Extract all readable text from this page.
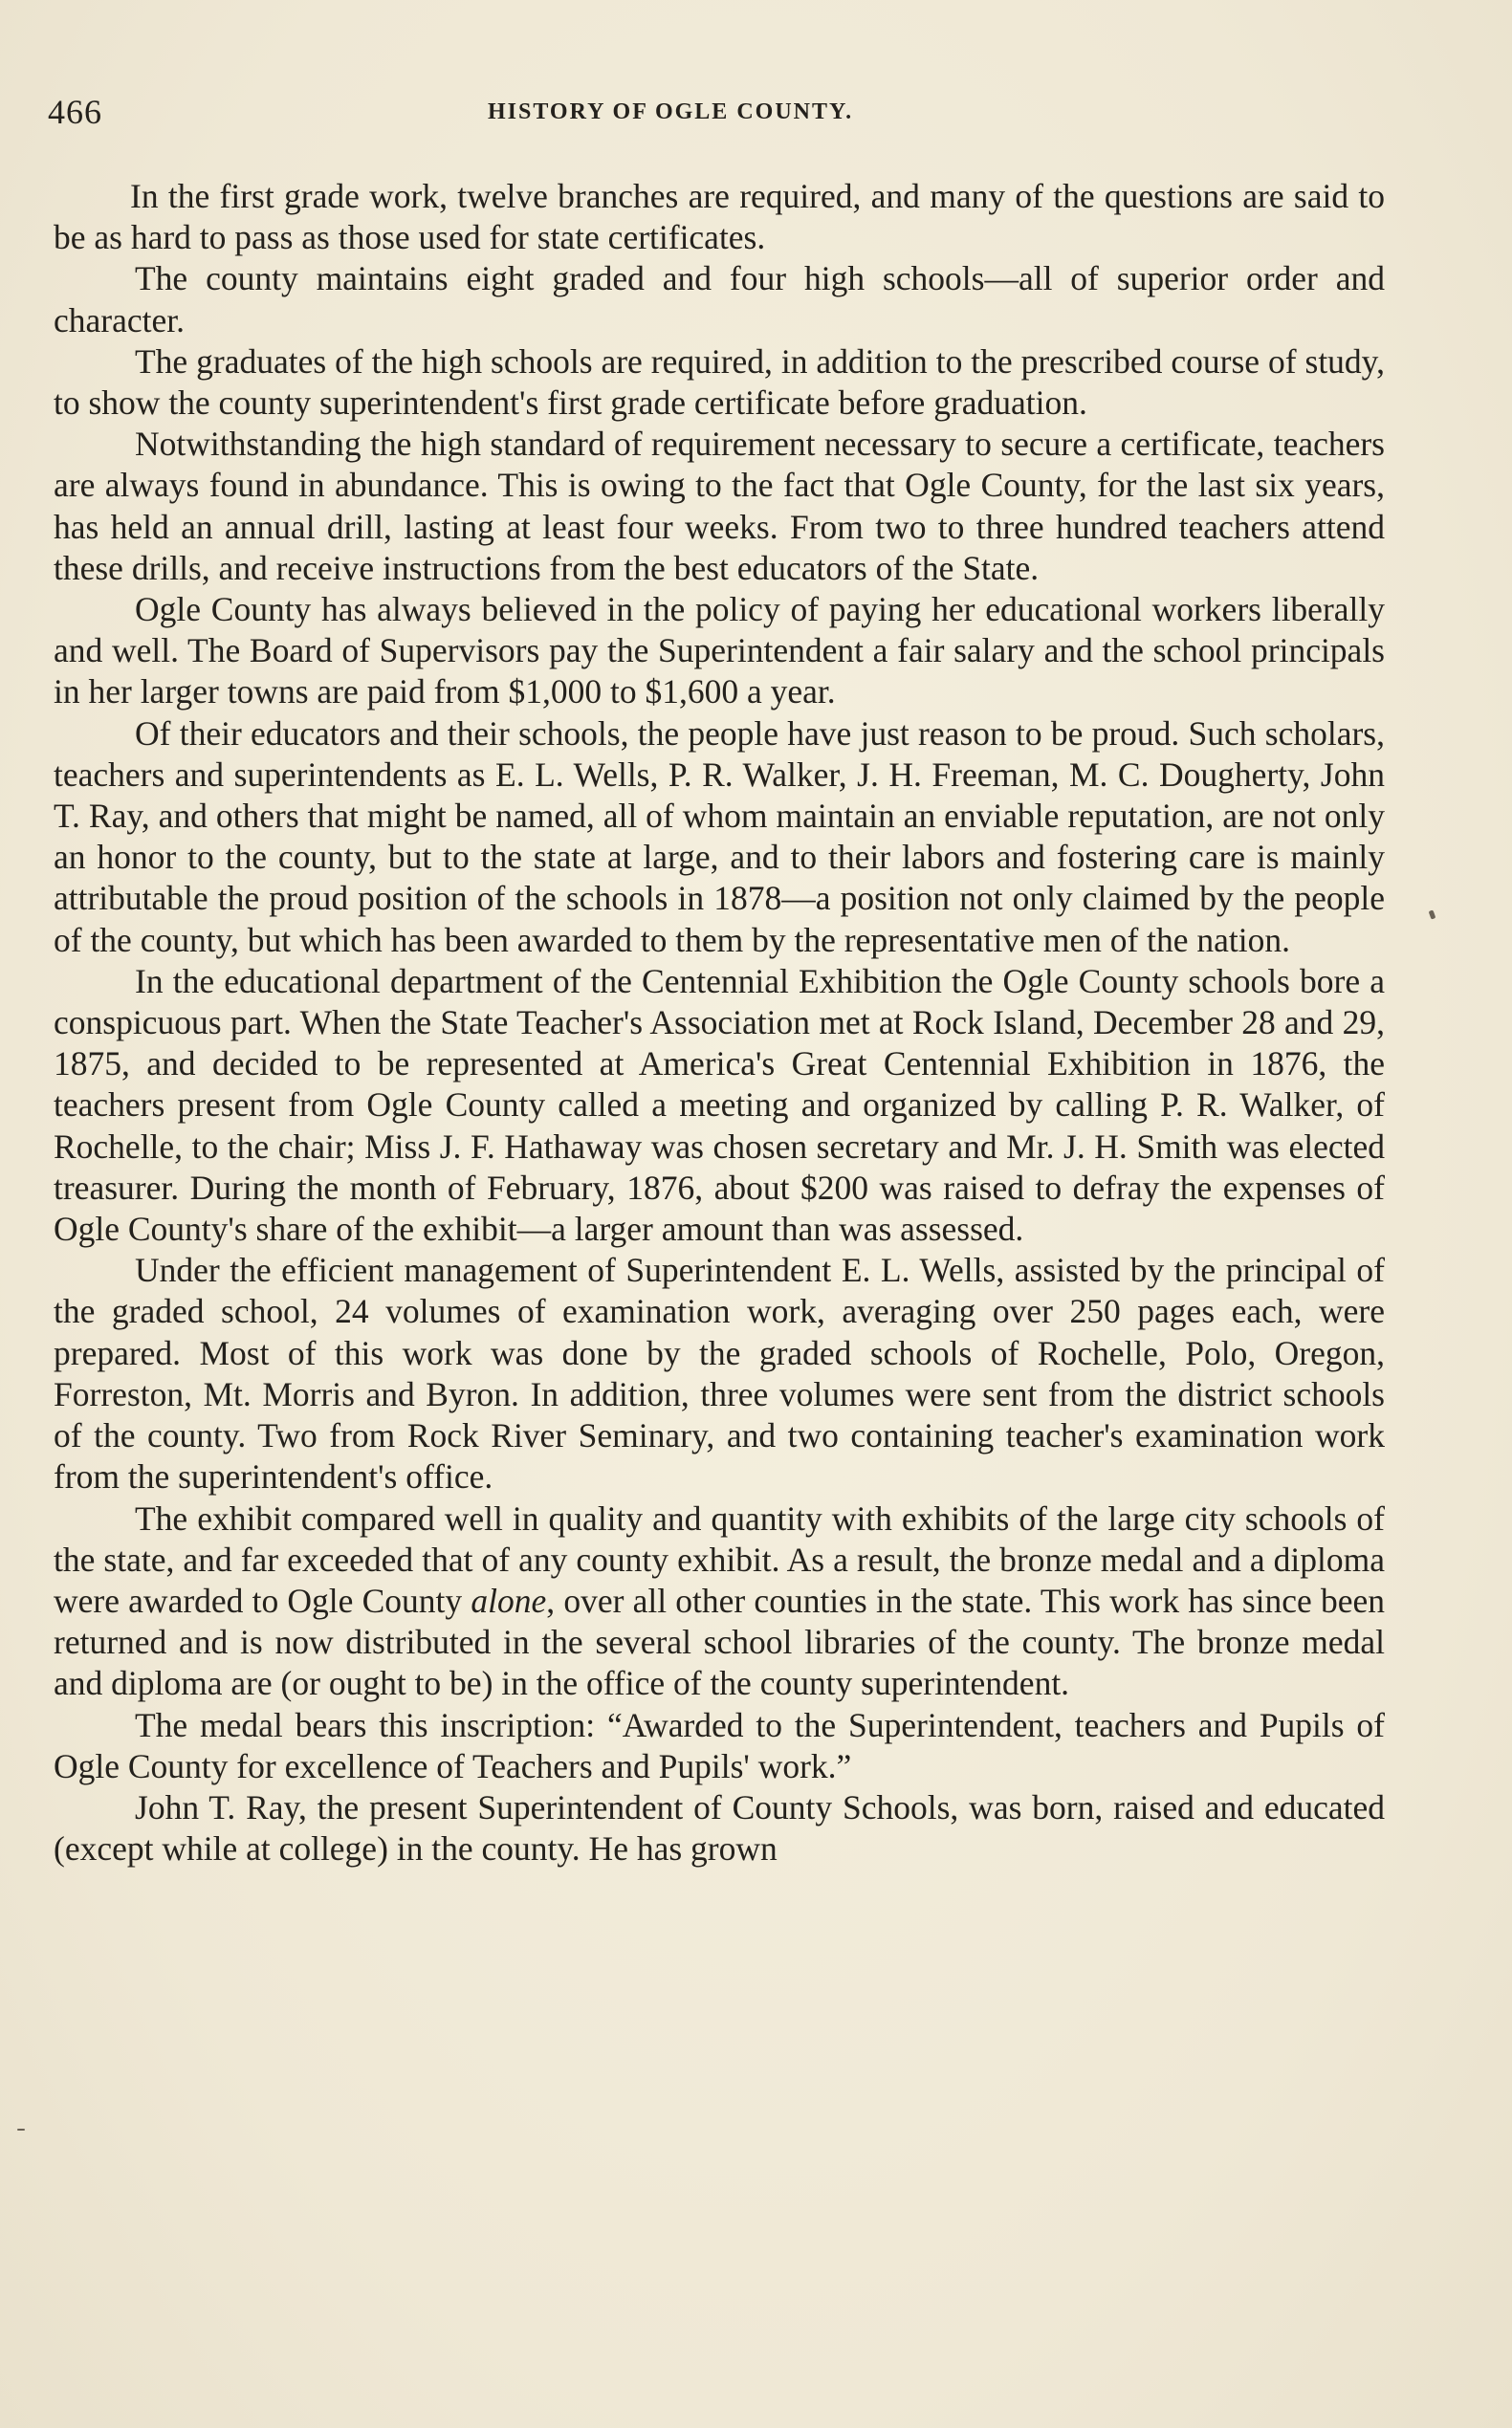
466	HISTORY OF OGLE COUNTY.

In the first grade work, twelve branches are required, and many of the questions are said to be as hard to pass as those used for state certificates.

The county maintains eight graded and four high schools—all of superior order and character.

The graduates of the high schools are required, in addition to the prescribed course of study, to show the county superintendent's first grade certificate before graduation.

Notwithstanding the high standard of requirement necessary to secure a certificate, teachers are always found in abundance. This is owing to the fact that Ogle County, for the last six years, has held an annual drill, lasting at least four weeks. From two to three hundred teachers attend these drills, and receive instructions from the best educators of the State.

Ogle County has always believed in the policy of paying her educational workers liberally and well. The Board of Supervisors pay the Superintendent a fair salary and the school principals in her larger towns are paid from $1,000 to $1,600 a year.

Of their educators and their schools, the people have just reason to be proud. Such scholars, teachers and superintendents as E. L. Wells, P. R. Walker, J. H. Freeman, M. C. Dougherty, John T. Ray, and others that might be named, all of whom maintain an enviable reputation, are not only an honor to the county, but to the state at large, and to their labors and fostering care is mainly attributable the proud position of the schools in 1878—a position not only claimed by the people of the county, but which has been awarded to them by the representative men of the nation.

In the educational department of the Centennial Exhibition the Ogle County schools bore a conspicuous part. When the State Teacher's Association met at Rock Island, December 28 and 29, 1875, and decided to be represented at America's Great Centennial Exhibition in 1876, the teachers present from Ogle County called a meeting and organized by calling P. R. Walker, of Rochelle, to the chair; Miss J. F. Hathaway was chosen secretary and Mr. J. H. Smith was elected treasurer. During the month of February, 1876, about $200 was raised to defray the expenses of Ogle County's share of the exhibit—a larger amount than was assessed.

Under the efficient management of Superintendent E. L. Wells, assisted by the principal of the graded school, 24 volumes of examination work, averaging over 250 pages each, were prepared. Most of this work was done by the graded schools of Rochelle, Polo, Oregon, Forreston, Mt. Morris and Byron. In addition, three volumes were sent from the district schools of the county. Two from Rock River Seminary, and two containing teacher's examination work from the superintendent's office.

The exhibit compared well in quality and quantity with exhibits of the large city schools of the state, and far exceeded that of any county exhibit. As a result, the bronze medal and a diploma were awarded to Ogle County alone, over all other counties in the state. This work has since been returned and is now distributed in the several school libraries of the county. The bronze medal and diploma are (or ought to be) in the office of the county superintendent.

The medal bears this inscription: “Awarded to the Superintendent, teachers and Pupils of Ogle County for excellence of Teachers and Pupils' work.”

John T. Ray, the present Superintendent of County Schools, was born, raised and educated (except while at college) in the county. He has grown
